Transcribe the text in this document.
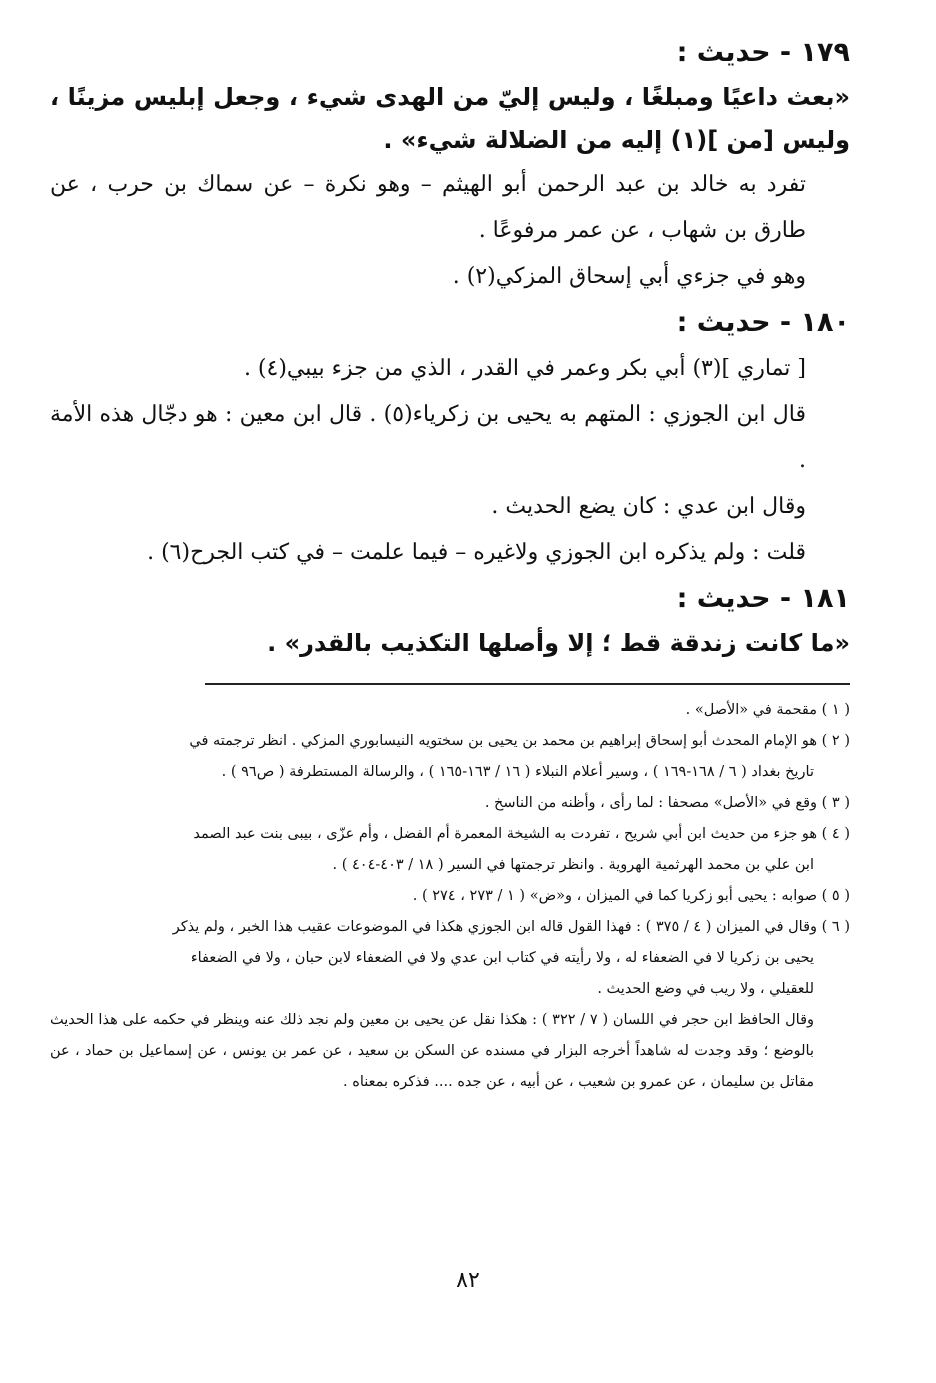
١٧٩ - حديث :

«بعث داعيًا ومبلغًا ، وليس إليّ من الهدى شيء ، وجعل إبليس مزينًا ، وليس [من ](١) إليه من الضلالة شيء» .

تفرد به خالد بن عبد الرحمن أبو الهيثم – وهو نكرة – عن سماك بن حرب ، عن طارق بن شهاب ، عن عمر مرفوعًا .

وهو في جزءي أبي إسحاق المزكي(٢) .

١٨٠ - حديث :

[ تماري ](٣) أبي بكر وعمر في القدر ، الذي من جزء بيبي(٤) .

قال ابن الجوزي : المتهم به يحيى بن زكرياء(٥) . قال ابن معين : هو دجّال هذه الأمة .

وقال ابن عدي : كان يضع الحديث .

قلت : ولم يذكره ابن الجوزي ولاغيره – فيما علمت – في كتب الجرح(٦) .

١٨١ - حديث :

«ما كانت زندقة قط ؛ إلا وأصلها التكذيب بالقدر» .

( ١ ) مقحمة في «الأصل» .

( ٢ ) هو الإمام المحدث أبو إسحاق إبراهيم بن محمد بن يحيى بن سختويه النيسابوري المزكي . انظر ترجمته في
تاريخ بغداد ( ٦ / ١٦٨-١٦٩ ) ، وسير أعلام النبلاء ( ١٦ / ١٦٣-١٦٥ ) ، والرسالة المستطرفة ( ص٩٦ ) .

( ٣ ) وقع في «الأصل» مصحفا : لما رأى ، وأظنه من الناسخ .

( ٤ ) هو جزء من حديث ابن أبي شريح ، تفردت به الشيخة المعمرة أم الفضل ، وأم عزّى ، بيبى بنت عبد الصمد
ابن علي بن محمد الهرثمية الهروية . وانظر ترجمتها في السير ( ١٨ / ٤٠٣-٤٠٤ ) .

( ٥ ) صوابه : يحيى أبو زكريا كما في الميزان ، و«ض» ( ١ / ٢٧٣ ، ٢٧٤ ) .

( ٦ ) وقال في الميزان ( ٤ / ٣٧٥ ) : فهذا القول قاله ابن الجوزي هكذا في الموضوعات عقيب هذا الخبر ، ولم يذكر
يحيى بن زكريا لا في الضعفاء له ، ولا رأيته في كتاب ابن عدي ولا في الضعفاء لابن حبان ، ولا في الضعفاء
للعقيلي ، ولا ريب في وضع الحديث .

وقال الحافظ ابن حجر في اللسان ( ٧ / ٣٢٢ ) : هكذا نقل عن يحيى بن معين ولم نجد ذلك عنه وينظر في حكمه على هذا الحديث بالوضع ؛ وقد وجدت له شاهداً أخرجه البزار في مسنده عن السكن بن سعيد ، عن عمر بن يونس ، عن إسماعيل بن حماد ، عن مقاتل بن سليمان ، عن عمرو بن شعيب ، عن أبيه ، عن جده .... فذكره بمعناه .

٨٢
